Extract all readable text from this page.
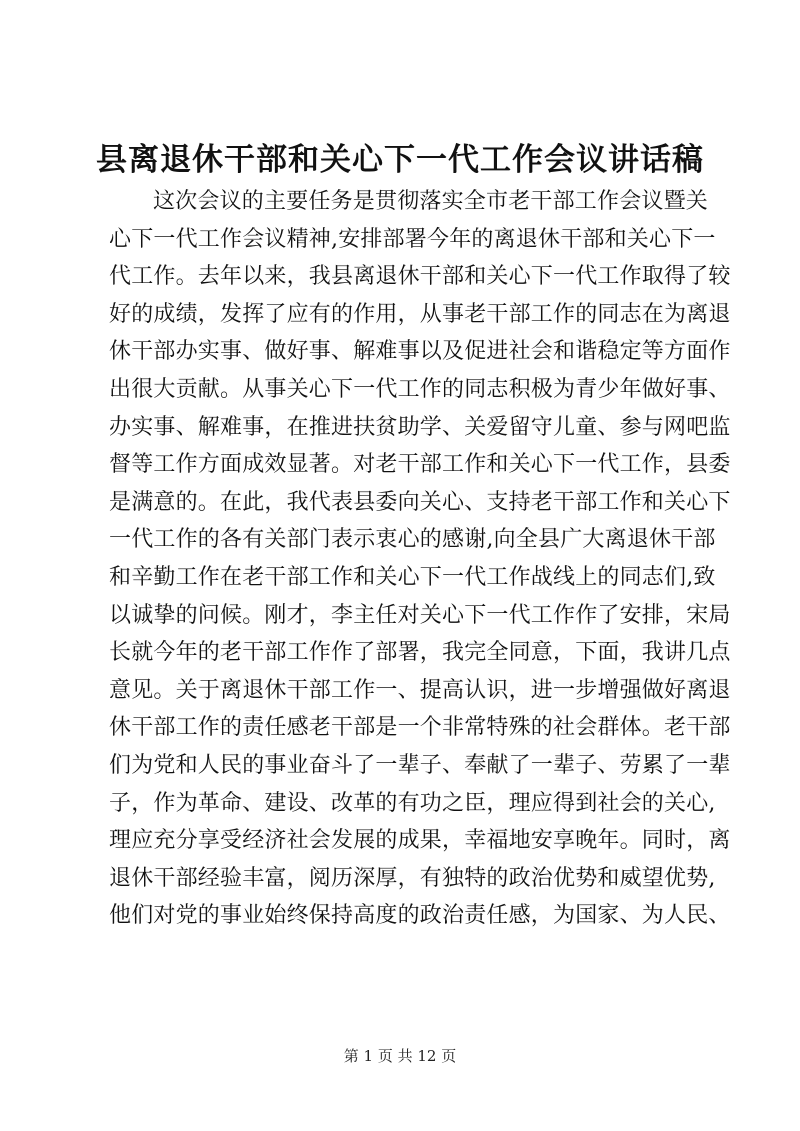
县离退休干部和关心下一代工作会议讲话稿
这次会议的主要任务是贯彻落实全市老干部工作会议暨关
心下一代工作会议精神,安排部署今年的离退休干部和关心下一
代工作。去年以来，我县离退休干部和关心下一代工作取得了较
好的成绩，发挥了应有的作用，从事老干部工作的同志在为离退
休干部办实事、做好事、解难事以及促进社会和谐稳定等方面作
出很大贡献。从事关心下一代工作的同志积极为青少年做好事、
办实事、解难事，在推进扶贫助学、关爱留守儿童、参与网吧监
督等工作方面成效显著。对老干部工作和关心下一代工作，县委
是满意的。在此，我代表县委向关心、支持老干部工作和关心下
一代工作的各有关部门表示衷心的感谢,向全县广大离退休干部
和辛勤工作在老干部工作和关心下一代工作战线上的同志们,致
以诚挚的问候。刚才，李主任对关心下一代工作作了安排，宋局
长就今年的老干部工作作了部署，我完全同意，下面，我讲几点
意见。关于离退休干部工作一、提高认识，进一步增强做好离退
休干部工作的责任感老干部是一个非常特殊的社会群体。老干部
们为党和人民的事业奋斗了一辈子、奉献了一辈子、劳累了一辈
子，作为革命、建设、改革的有功之臣，理应得到社会的关心,
理应充分享受经济社会发展的成果，幸福地安享晚年。同时，离
退休干部经验丰富，阅历深厚，有独特的政治优势和威望优势,
他们对党的事业始终保持高度的政治责任感，为国家、为人民、
第 1 页 共 12 页
